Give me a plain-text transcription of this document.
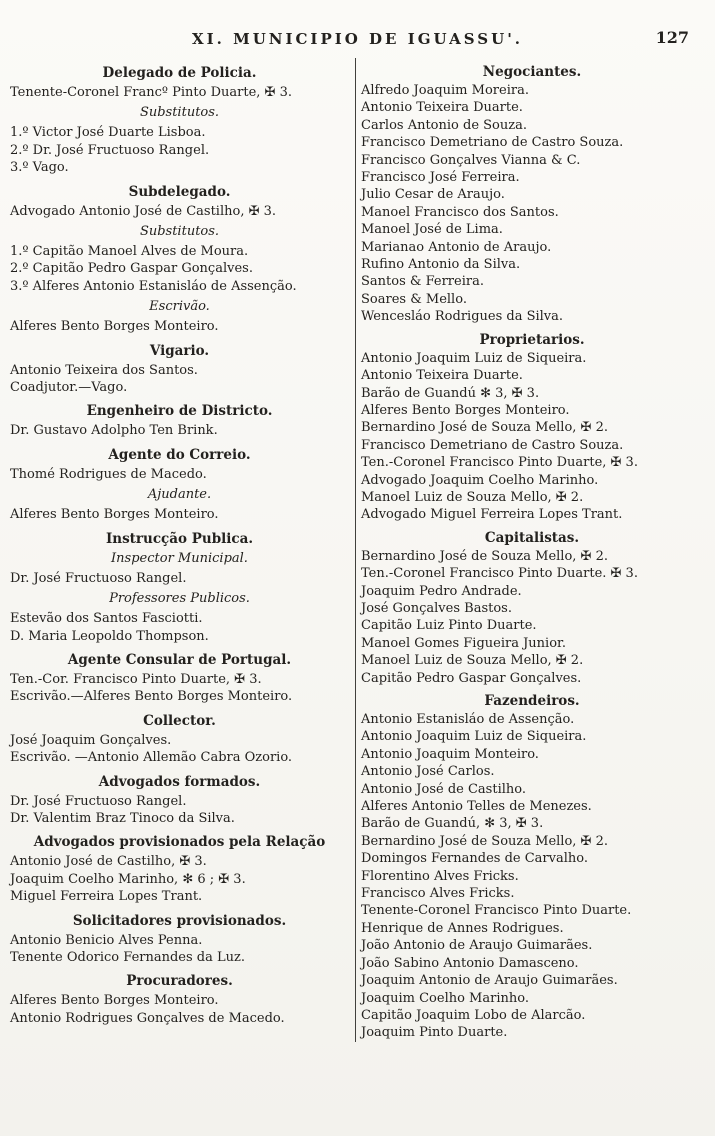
XI. MUNICIPIO DE IGUASSU'.	127
Delegado de Policia.
Tenente-Coronel Francº Pinto Duarte, ✠ 3.
Substitutos.
1.º Victor José Duarte Lisboa.
2.º Dr. José Fructuoso Rangel.
3.º Vago.
Subdelegado.
Advogado Antonio José de Castilho, ✠ 3.
Substitutos.
1.º Capitão Manoel Alves de Moura.
2.º Capitão Pedro Gaspar Gonçalves.
3.º Alferes Antonio Estanisláo de Assenção.
Escrivão.
Alferes Bento Borges Monteiro.
Vigario.
Antonio Teixeira dos Santos.
Coadjutor.—Vago.
Engenheiro de Districto.
Dr. Gustavo Adolpho Ten Brink.
Agente do Correio.
Thomé Rodrigues de Macedo.
Ajudante.
Alferes Bento Borges Monteiro.
Instrucção Publica.
Inspector Municipal.
Dr. José Fructuoso Rangel.
Professores Publicos.
Estevão dos Santos Fasciotti.
D. Maria Leopoldo Thompson.
Agente Consular de Portugal.
Ten.-Cor. Francisco Pinto Duarte, ✠ 3.
Escrivão.—Alferes Bento Borges Monteiro.
Collector.
José Joaquim Gonçalves.
Escrivão. —Antonio Allemão Cabra Ozorio.
Advogados formados.
Dr. José Fructuoso Rangel.
Dr. Valentim Braz Tinoco da Silva.
Advogados provisionados pela Relação
Antonio José de Castilho, ✠ 3.
Joaquim Coelho Marinho, ✻ 6 ; ✠ 3.
Miguel Ferreira Lopes Trant.
Solicitadores provisionados.
Antonio Benicio Alves Penna.
Tenente Odorico Fernandes da Luz.
Procuradores.
Alferes Bento Borges Monteiro.
Antonio Rodrigues Gonçalves de Macedo.
Negociantes.
Alfredo Joaquim Moreira.
Antonio Teixeira Duarte.
Carlos Antonio de Souza.
Francisco Demetriano de Castro Souza.
Francisco Gonçalves Vianna & C.
Francisco José Ferreira.
Julio Cesar de Araujo.
Manoel Francisco dos Santos.
Manoel José de Lima.
Marianao Antonio de Araujo.
Rufino Antonio da Silva.
Santos & Ferreira.
Soares & Mello.
Wencesláo Rodrigues da Silva.
Proprietarios.
Antonio Joaquim Luiz de Siqueira.
Antonio Teixeira Duarte.
Barão de Guandú ✻ 3, ✠ 3.
Alferes Bento Borges Monteiro.
Bernardino José de Souza Mello, ✠ 2.
Francisco Demetriano de Castro Souza.
Ten.-Coronel Francisco Pinto Duarte, ✠ 3.
Advogado Joaquim Coelho Marinho.
Manoel Luiz de Souza Mello, ✠ 2.
Advogado Miguel Ferreira Lopes Trant.
Capitalistas.
Bernardino José de Souza Mello, ✠ 2.
Ten.-Coronel Francisco Pinto Duarte. ✠ 3.
Joaquim Pedro Andrade.
José Gonçalves Bastos.
Capitão Luiz Pinto Duarte.
Manoel Gomes Figueira Junior.
Manoel Luiz de Souza Mello, ✠ 2.
Capitão Pedro Gaspar Gonçalves.
Fazendeiros.
Antonio Estanisláo de Assenção.
Antonio Joaquim Luiz de Siqueira.
Antonio Joaquim Monteiro.
Antonio José Carlos.
Antonio José de Castilho.
Alferes Antonio Telles de Menezes.
Barão de Guandú, ✻ 3, ✠ 3.
Bernardino José de Souza Mello, ✠ 2.
Domingos Fernandes de Carvalho.
Florentino Alves Fricks.
Francisco Alves Fricks.
Tenente-Coronel Francisco Pinto Duarte.
Henrique de Annes Rodrigues.
João Antonio de Araujo Guimarães.
João Sabino Antonio Damasceno.
Joaquim Antonio de Araujo Guimarães.
Joaquim Coelho Marinho.
Capitão Joaquim Lobo de Alarcão.
Joaquim Pinto Duarte.
